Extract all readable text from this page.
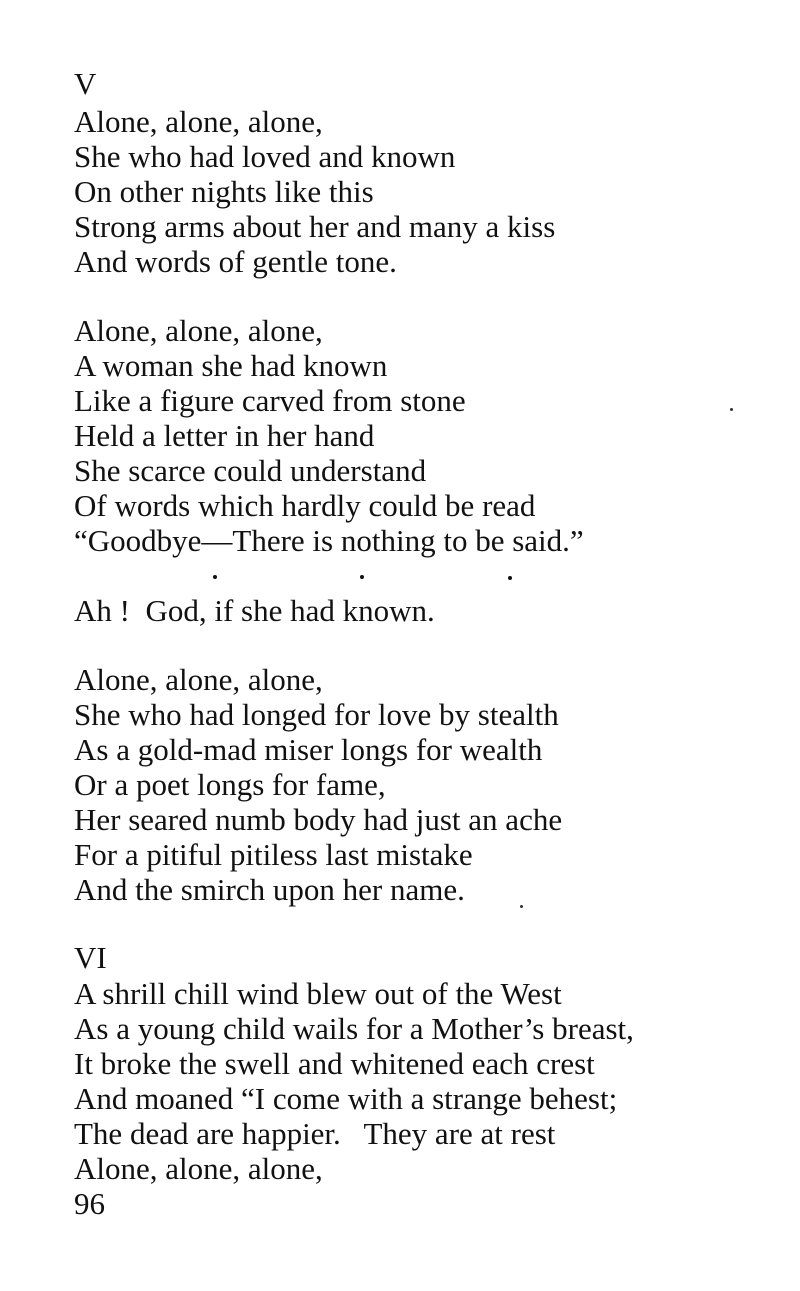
V
Alone, alone, alone,
She who had loved and known
On other nights like this
Strong arms about her and many a kiss
And words of gentle tone.
Alone, alone, alone,
A woman she had known
Like a figure carved from stone
Held a letter in her hand
She scarce could understand
Of words which hardly could be read
“Goodbye—There is nothing to be said.”
Ah !  God, if she had known.
Alone, alone, alone,
She who had longed for love by stealth
As a gold-mad miser longs for wealth
Or a poet longs for fame,
Her seared numb body had just an ache
For a pitiful pitiless last mistake
And the smirch upon her name.
VI
A shrill chill wind blew out of the West
As a young child wails for a Mother’s breast,
It broke the swell and whitened each crest
And moaned “I come with a strange behest;
The dead are happier.   They are at rest
Alone, alone, alone,
96
